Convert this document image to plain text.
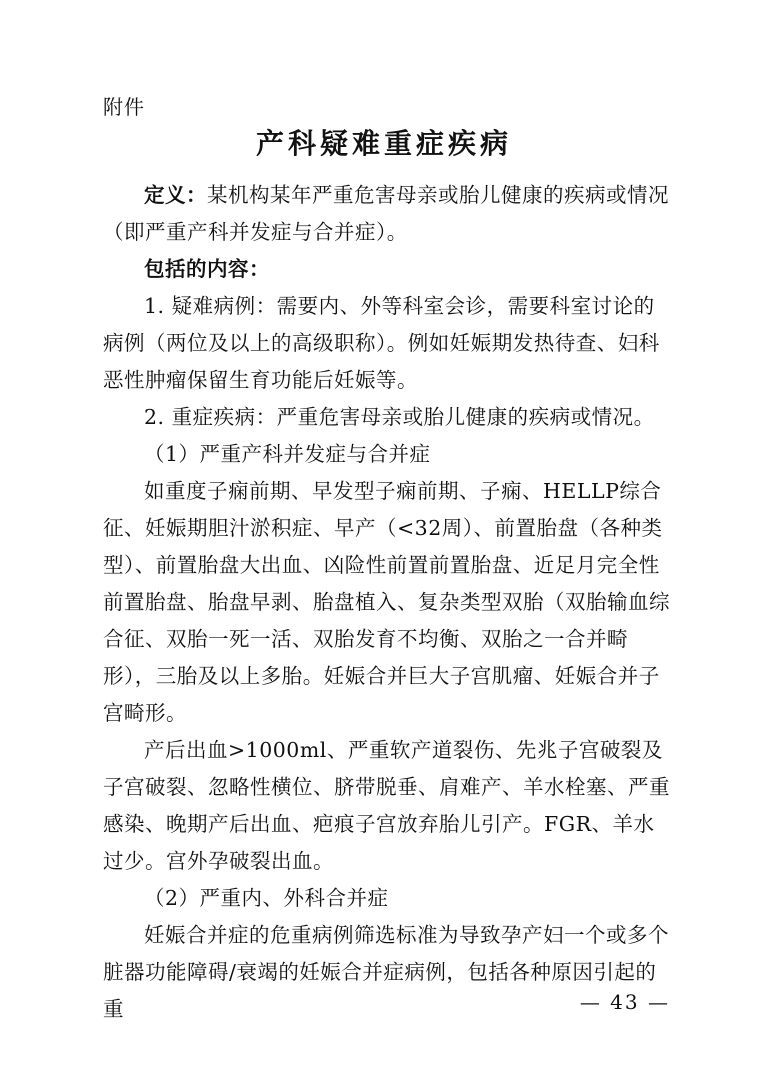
附件
产科疑难重症疾病

定义：某机构某年严重危害母亲或胎儿健康的疾病或情况（即严重产科并发症与合并症）。

包括的内容：

1. 疑难病例：需要内、外等科室会诊，需要科室讨论的病例（两位及以上的高级职称）。例如妊娠期发热待查、妇科恶性肿瘤保留生育功能后妊娠等。

2. 重症疾病：严重危害母亲或胎儿健康的疾病或情况。

（1）严重产科并发症与合并症

如重度子痫前期、早发型子痫前期、子痫、HELLP综合征、妊娠期胆汁淤积症、早产（<32周）、前置胎盘（各种类型）、前置胎盘大出血、凶险性前置前置胎盘、近足月完全性前置胎盘、胎盘早剥、胎盘植入、复杂类型双胎（双胎输血综合征、双胎一死一活、双胎发育不均衡、双胎之一合并畸形），三胎及以上多胎。妊娠合并巨大子宫肌瘤、妊娠合并子宫畸形。

产后出血>1000ml、严重软产道裂伤、先兆子宫破裂及子宫破裂、忽略性横位、脐带脱垂、肩难产、羊水栓塞、严重感染、晚期产后出血、疤痕子宫放弃胎儿引产。FGR、羊水过少。宫外孕破裂出血。

（2）严重内、外科合并症

妊娠合并症的危重病例筛选标准为导致孕产妇一个或多个脏器功能障碍/衰竭的妊娠合并症病例，包括各种原因引起的重	— 43 —
